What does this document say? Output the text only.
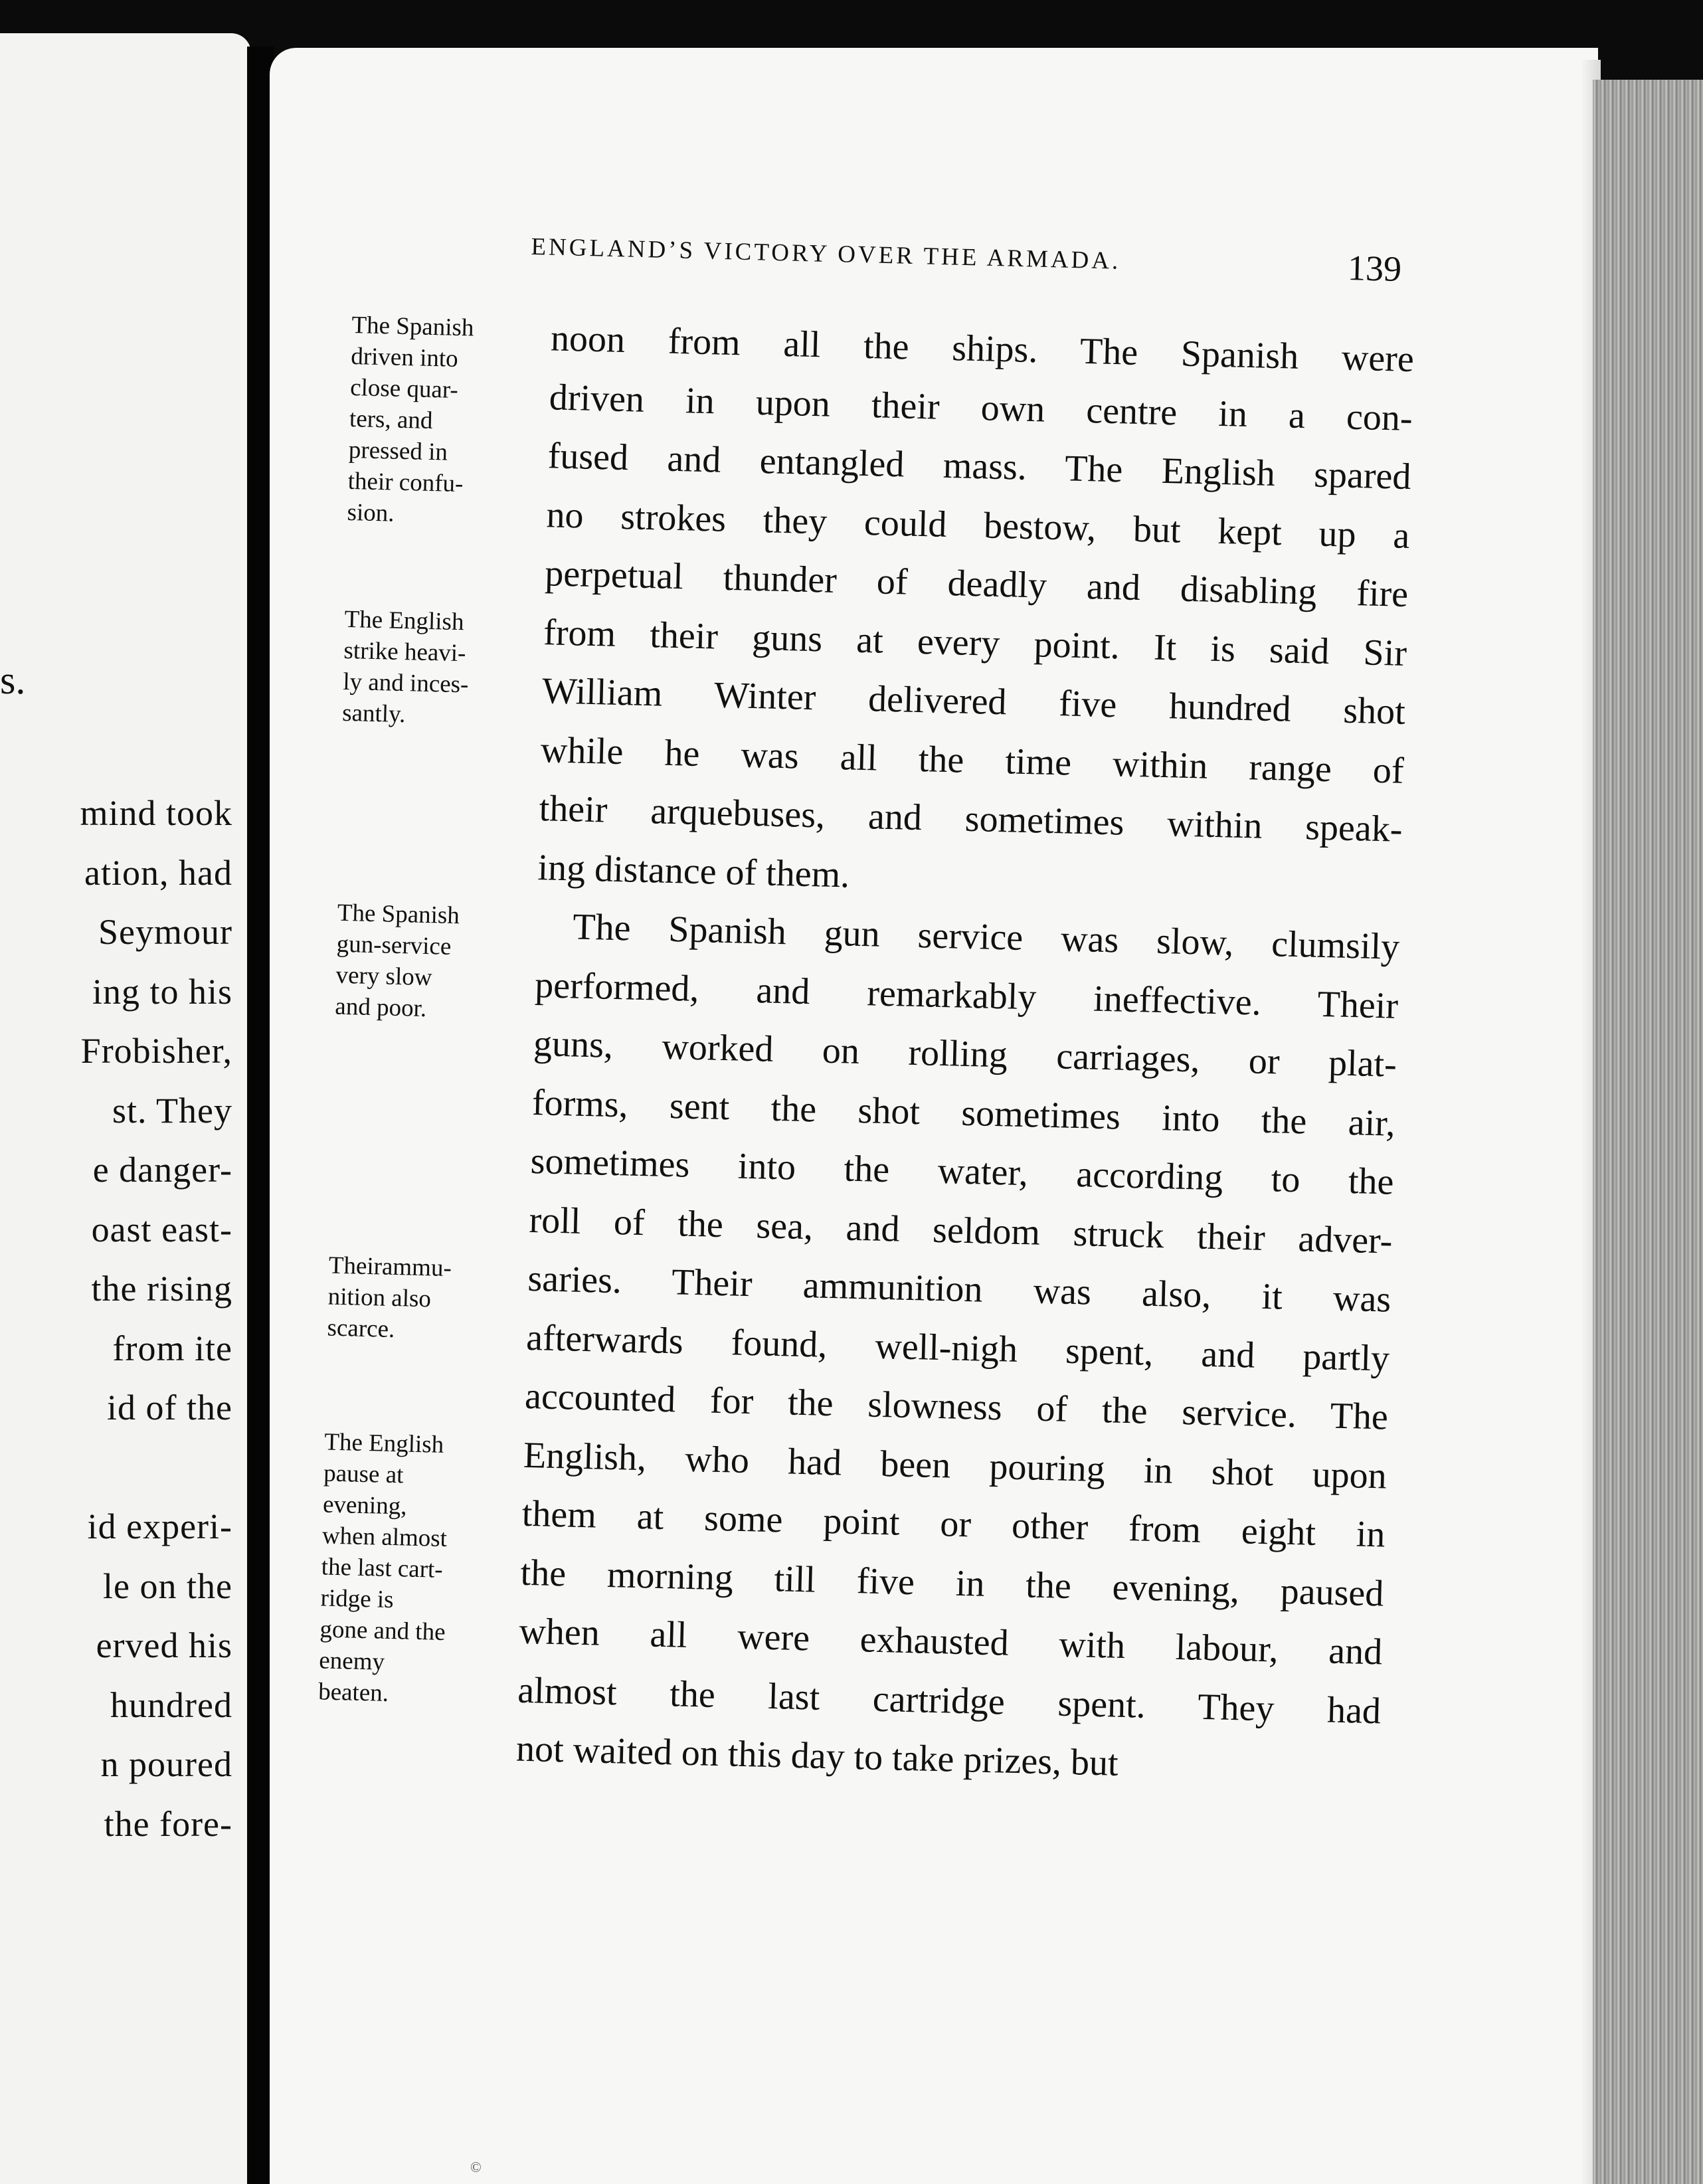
s.
mind took
ation, had
Seymour
ing to his
Frobisher,
st. They
e danger-
oast east-
the rising
from ite
id of the

id experi-
le on the
erved his
hundred
n poured
the fore-
ENGLAND’S VICTORY OVER THE ARMADA.	139
The Spanish
driven into
close quar-
ters, and
pressed in
their confu-
sion.
The English
strike heavi-
ly and inces-
santly.
The Spanish
gun-service
very slow
and poor.
Theirammu-
nition also
scarce.
The English
pause at
evening,
when almost
the last cart-
ridge is
gone and the
enemy
beaten.
noon from all the ships. The Spanish were
driven in upon their own centre in a con-
fused and entangled mass. The English spared
no strokes they could bestow, but kept up a
perpetual thunder of deadly and disabling fire
from their guns at every point. It is said Sir
William Winter delivered five hundred shot
while he was all the time within range of
their arquebuses, and sometimes within speak-
ing distance of them.
The Spanish gun service was slow, clumsily
performed, and remarkably ineffective. Their
guns, worked on rolling carriages, or plat-
forms, sent the shot sometimes into the air,
sometimes into the water, according to the
roll of the sea, and seldom struck their adver-
saries. Their ammunition was also, it was
afterwards found, well-nigh spent, and partly
accounted for the slowness of the service. The
English, who had been pouring in shot upon
them at some point or other from eight in
the morning till five in the evening, paused
when all were exhausted with labour, and
almost the last cartridge spent. They had
not waited on this day to take prizes, but
©
